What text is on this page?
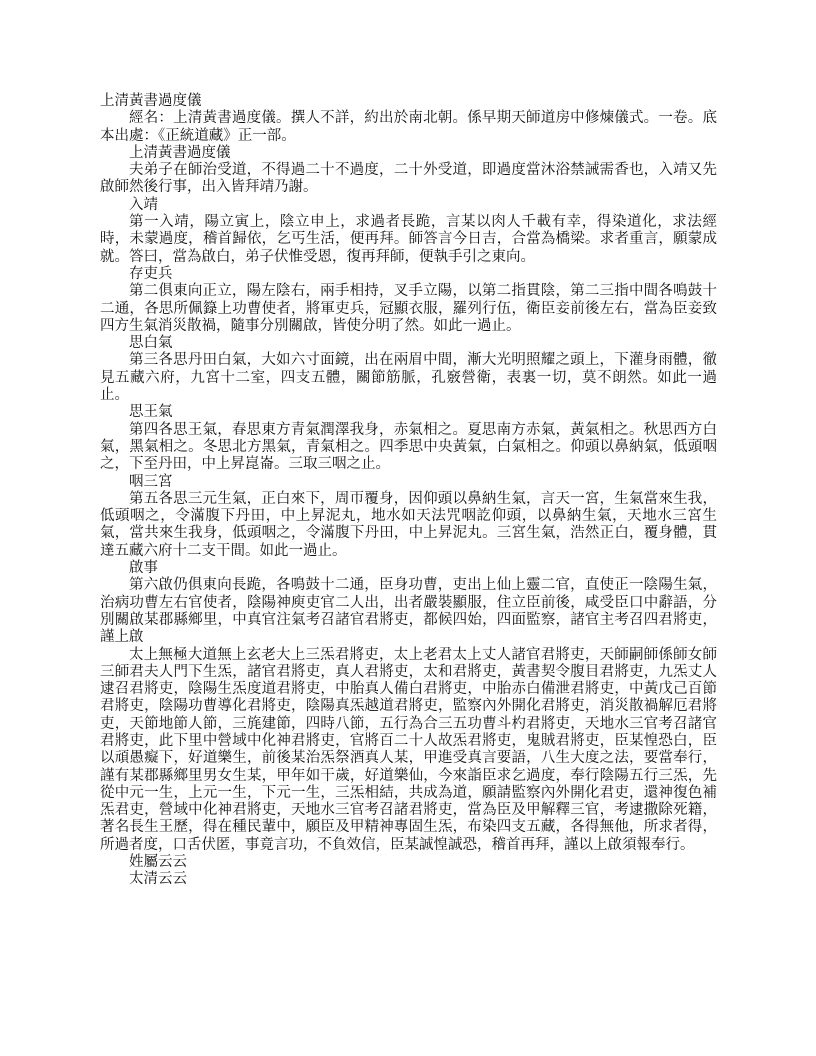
上清黃書過度儀

經名：上清黃書過度儀。撰人不詳，約出於南北朝。係早期天師道房中修煉儀式。一卷。底本出處：《正統道藏》正一部。

上清黃書過度儀

夫弟子在師治受道，不得過二十不過度，二十外受道，即過度當沐浴禁誡需香也，入靖又先啟師然後行事，出入皆拜靖乃謝。

入靖

第一入靖，陽立寅上，陰立申上，求過者長跪，言某以肉人千載有幸，得染道化，求法經時，未蒙過度，稽首歸依，乞丐生活，便再拜。師答言今日吉，合當為橋梁。求者重言，願蒙成就。答曰，當為啟白，弟子伏惟受恩，復再拜師，便執手引之東向。

存吏兵

第二俱東向正立，陽左陰右，兩手相持，叉手立陽，以第二指貫陰，第二三指中間各鳴鼓十二通，各思所佩籙上功曹使者，將軍吏兵，冠顯衣服，羅列行伍，衛臣妾前後左右，當為臣妾致四方生氣消災散禍，隨事分別關啟，皆使分明了然。如此一過止。

思白氣

第三各思丹田白氣，大如六寸面鏡，出在兩眉中間，漸大光明照耀之頭上，下灌身雨體，徹見五藏六府，九宮十二室，四支五體，關節筋脈，孔竅營衛，表裏一切，莫不朗然。如此一過止。

思王氣

第四各思王氣，春思東方青氣潤澤我身，赤氣相之。夏思南方赤氣，黃氣相之。秋思西方白氣，黑氣相之。冬思北方黑氣，青氣相之。四季思中央黃氣，白氣相之。仰頭以鼻納氣，低頭咽之，下至丹田，中上昇崑崙。三取三咽之止。

咽三宮

第五各思三元生氣，正白來下，周帀覆身，因仰頭以鼻納生氣，言天一宮，生氣當來生我，低頭咽之，令滿腹下丹田，中上昇泥丸，地水如天法咒咽訖仰頭，以鼻納生氣，天地水三宮生氣，當共來生我身，低頭咽之，令滿腹下丹田，中上昇泥丸。三宮生氣，浩然正白，覆身體，貫達五藏六府十二支干間。如此一過止。

啟事

第六啟仍俱東向長跪，各鳴鼓十二通，臣身功曹，吏出上仙上靈二官，直使正一陰陽生氣，治病功曹左右官使者，陰陽神庾吏官二人出，出者嚴裝顯服，住立臣前後，咸受臣口中辭語，分別關啟某郡縣鄉里，中真官注氣考召諸官君將吏，都候四始，四面監察，諸官主考召四君將吏，謹上啟

太上無極大道無上玄老大上三炁君將吏，太上老君太上丈人諸官君將吏，天師嗣師係師女師三師君夫人門下生炁，諸官君將吏，真人君將吏，太和君將吏，黃書契令腹目君將吏，九炁丈人逮召君將吏，陰陽生炁度道君將吏，中胎真人備白君將吏，中胎赤白備泄君將吏，中黃戊己百節君將吏，陰陽功曹導化君將吏，陰陽真炁越道君將吏，監察內外開化君將吏，消災散禍解厄君將吏，天節地節人節，三旄建節，四時八節，五行為合三五功曹斗杓君將吏，天地水三官考召諸官君將吏，此下里中營域中化神君將吏，官將百二十人故炁君將吏，鬼賊君將吏，臣某惶恐白，臣以頑愚癡下，好道樂生，前後某治炁祭酒真人某，甲進受真言要語，八生大度之法，要當奉行，謹有某郡縣鄉里男女生某，甲年如干歲，好道樂仙，今來詣臣求乞過度，奉行陰陽五行三炁，先從中元一生，上元一生，下元一生，三炁相結，共成為道，願請監察內外開化君吏，還神復色補炁君吏，營域中化神君將吏，天地水三官考召諸君將吏，當為臣及甲解釋三官，考逮撒除死籍，著名長生王歷，得在種民輩中，願臣及甲精神專固生炁，布染四支五藏，各得無他，所求者得，所過者度，口舌伏匿，事竟言功，不負效信，臣某誠惶誠恐，稽首再拜，謹以上啟須報奉行。

姓屬云云

太清云云
